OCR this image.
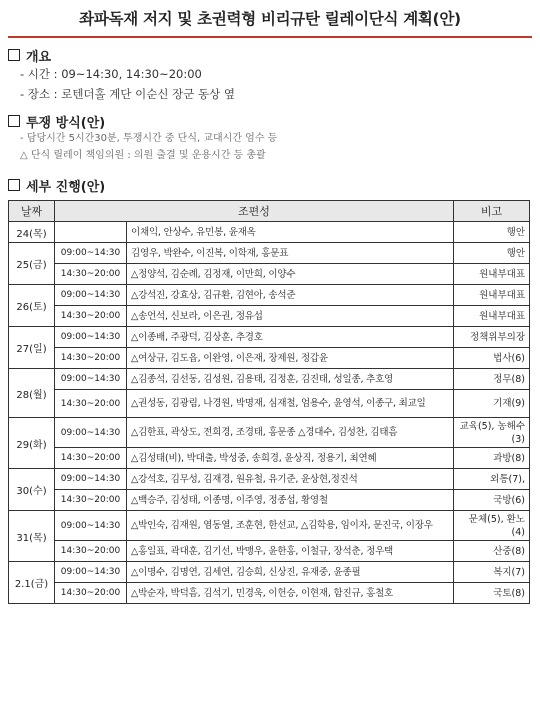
좌파독재 저지 및 초권력형 비리규탄 릴레이단식 계획(안)
개요
- 시간 : 09~14:30, 14:30~20:00
- 장소 : 로텐더홀 계단 이순신 장군 동상 옆
투쟁 방식(안)
- 담당시간 5시간30분, 투쟁시간 중 단식, 교대시간 엄수 등
△ 단식 릴레이 책임의원 : 의원 출결 및 운용시간 등 총괄
세부 진행(안)
날짜	조편성		비고
24(목)		이채익, 안상수, 유민봉, 윤재옥	행안
25(금)	09:00~14:30	김영우, 박완수, 이진복, 이학재, 홍문표	행안
	14:30~20:00	△정양석, 김순례, 김정재, 이만희, 이양수	원내부대표
26(토)	09:00~14:30	△강석진, 강효상, 김규환, 김현아, 송석준	원내부대표
	14:30~20:00	△송언석, 신보라, 이은권, 정유섭	원내부대표
27(일)	09:00~14:30	△이종배, 주광덕, 김상훈, 추경호	정책위부의장
	14:30~20:00	△여상규, 김도읍, 이완영, 이은재, 장제원, 정갑윤	법사(6)
28(월)	09:00~14:30	△김종석, 김선동, 김성원, 김용태, 김정훈, 김진태, 성일종, 추호영	정무(8)
	14:30~20:00	△권성동, 김광림, 나경원, 박명재, 심재철, 엄용수, 윤영석, 이종구, 최교일	기재(9)
29(화)	09:00~14:30	△김한표, 곽상도, 전희경, 조경태, 홍문종 △경대수, 김성찬, 김태흠	교육(5), 농해수(3)
	14:30~20:00	△김성태(비), 박대출, 박성중, 송희경, 윤상직, 정용기, 최연혜	과방(8)
30(수)	09:00~14:30	△강석호, 김무성, 김재경, 원유철, 유기준, 윤상현,정진석	외통(7),
	14:30~20:00	△백승주, 김성태, 이종명, 이주영, 정종섭, 황영철	국방(6)
31(목)	09:00~14:30	△박인숙, 김재원, 염동열, 조훈현, 한선교, △김학용, 임이자, 문진국, 이장우	문체(5), 환노(4)
	14:30~20:00	△홍일표, 곽대훈, 김기선, 박맹우, 윤한홍, 이철규, 장석춘, 정우택	산중(8)
2.1(금)	09:00~14:30	△이명수, 김명연, 김세연, 김승희, 신상진, 유재중, 윤종필	복지(7)
	14:30~20:00	△박순자, 박덕흠, 김석기, 민경욱, 이헌승, 이현재, 함진규, 홍철호	국토(8)
